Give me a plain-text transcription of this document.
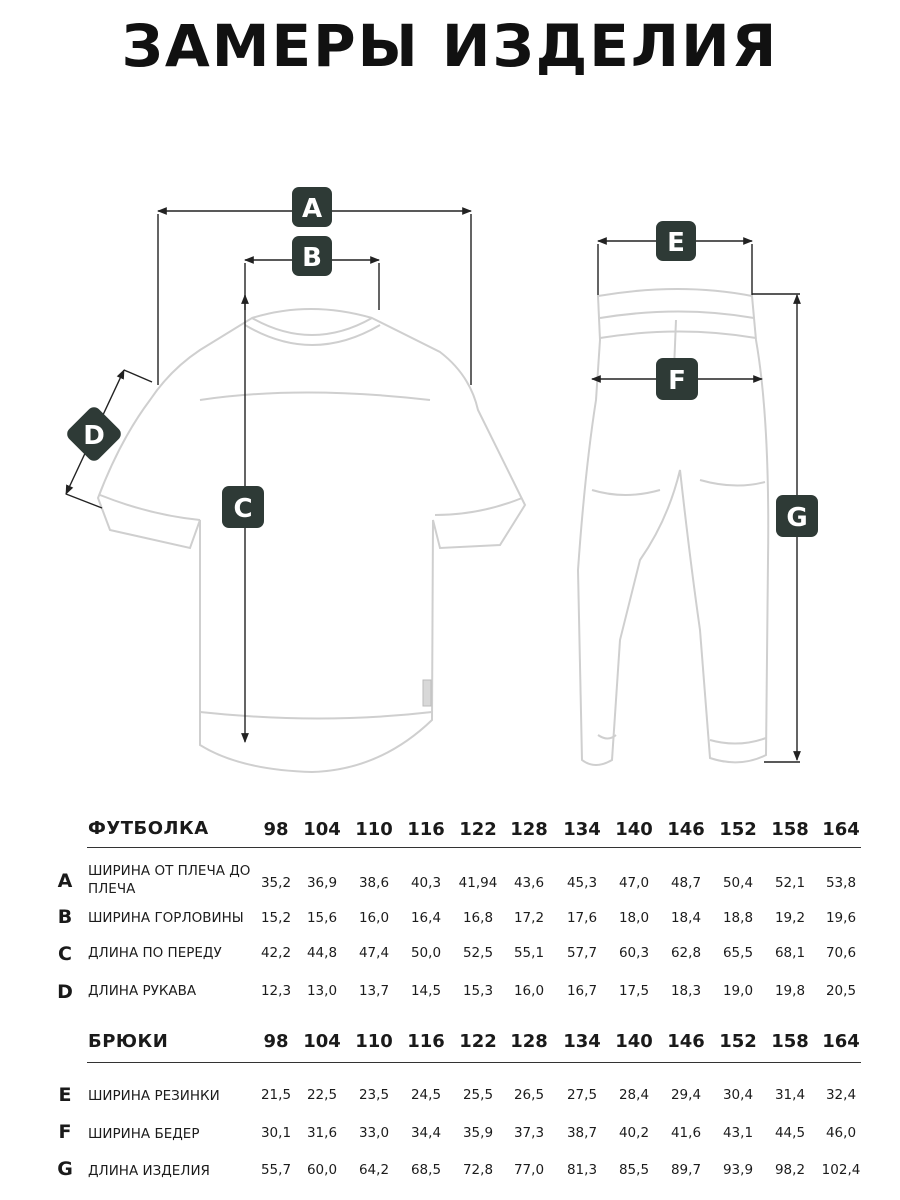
ЗАМЕРЫ ИЗДЕЛИЯ
A
B
C
D
E
F
G
ФУТБОЛКА	98 104 110 116 122 128 134 140 146 152 158 164
A	ШИРИНА ОТ ПЛЕЧА ДО ПЛЕЧА	35,2	36,9	38,6	40,3	41,94	43,6	45,3	47,0	48,7	50,4	52,1	53,8
B	ШИРИНА ГОРЛОВИНЫ	15,2	15,6	16,0	16,4	16,8	17,2	17,6	18,0	18,4	18,8	19,2	19,6
C	ДЛИНА ПО ПЕРЕДУ	42,2	44,8	47,4	50,0	52,5	55,1	57,7	60,3	62,8	65,5	68,1	70,6
D	ДЛИНА РУКАВА	12,3	13,0	13,7	14,5	15,3	16,0	16,7	17,5	18,3	19,0	19,8	20,5
БРЮКИ	98 104 110 116 122 128 134 140 146 152 158 164
E	ШИРИНА РЕЗИНКИ	21,5	22,5	23,5	24,5	25,5	26,5	27,5	28,4	29,4	30,4	31,4	32,4
F	ШИРИНА БЕДЕР	30,1	31,6	33,0	34,4	35,9	37,3	38,7	40,2	41,6	43,1	44,5	46,0
G	ДЛИНА ИЗДЕЛИЯ	55,7	60,0	64,2	68,5	72,8	77,0	81,3	85,5	89,7	93,9	98,2	102,4
